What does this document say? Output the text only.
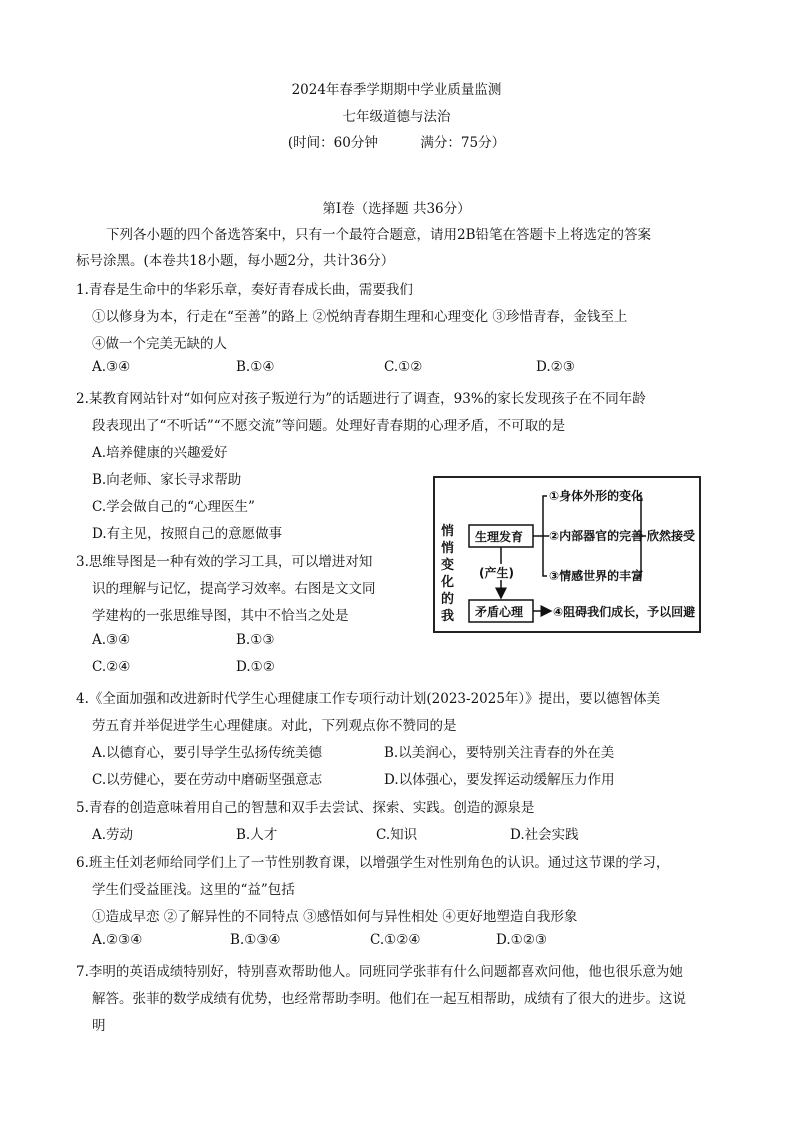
2024年春季学期期中学业质量监测
七年级道德与法治
(时间：60分钟	满分：75分）
第Ⅰ卷（选择题 共36分）
下列各小题的四个备选答案中，只有一个最符合题意，请用2B铅笔在答题卡上将选定的答案
标号涂黑。(本卷共18小题，每小题2分，共计36分）
1.青春是生命中的华彩乐章，奏好青春成长曲，需要我们
①以修身为本，行走在“至善”的路上 ②悦纳青春期生理和心理变化 ③珍惜青春，金钱至上
④做一个完美无缺的人
A.③④	B.①④	C.①②	D.②③
2.某教育网站针对“如何应对孩子叛逆行为”的话题进行了调查，93%的家长发现孩子在不同年龄
段表现出了“不听话”“不愿交流”等问题。处理好青春期的心理矛盾，不可取的是
A.培养健康的兴趣爱好
B.向老师、家长寻求帮助
C.学会做自己的“心理医生”
D.有主见，按照自己的意愿做事
3.思维导图是一种有效的学习工具，可以增进对知
识的理解与记忆，提高学习效率。右图是文文同
学建构的一张思维导图，其中不恰当之处是
A.③④	B.①③
C.②④	D.①②
悄
悄
变
化
的
我
生理发育
矛盾心理
(产生)
①身体外形的变化
②内部器官的完善
③情感世界的丰富
欣然接受
④阻碍我们成长，予以回避
4.《全面加强和改进新时代学生心理健康工作专项行动计划(2023-2025年）》提出，要以德智体美
劳五育并举促进学生心理健康。对此，下列观点你不赞同的是
A.以德育心，要引导学生弘扬传统美德	B.以美润心，要特别关注青春的外在美
C.以劳健心，要在劳动中磨砺坚强意志	D.以体强心，要发挥运动缓解压力作用
5.青春的创造意味着用自己的智慧和双手去尝试、探索、实践。创造的源泉是
A.劳动	B.人才	C.知识	D.社会实践
6.班主任刘老师给同学们上了一节性别教育课，以增强学生对性别角色的认识。通过这节课的学习，
学生们受益匪浅。这里的“益”包括
①造成早恋 ②了解异性的不同特点 ③感悟如何与异性相处 ④更好地塑造自我形象
A.②③④	B.①③④	C.①②④	D.①②③
7.李明的英语成绩特别好，特别喜欢帮助他人。同班同学张菲有什么问题都喜欢问他，他也很乐意为她
解答。张菲的数学成绩有优势，也经常帮助李明。他们在一起互相帮助，成绩有了很大的进步。这说
明
